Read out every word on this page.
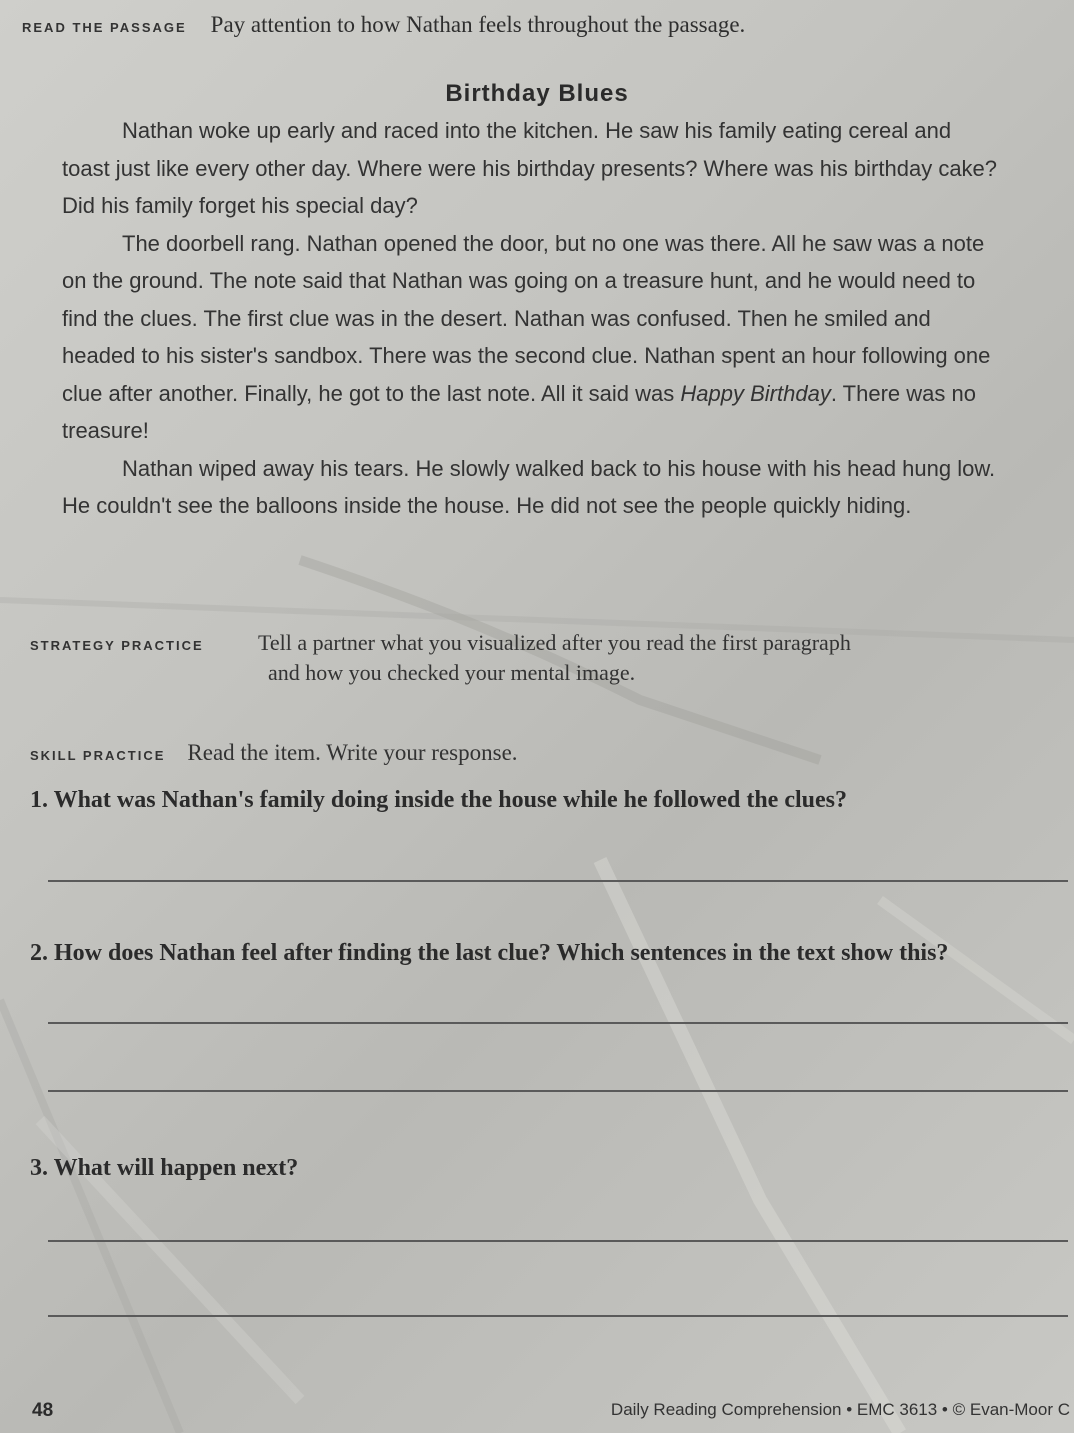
READ THE PASSAGE Pay attention to how Nathan feels throughout the passage.
Birthday Blues

Nathan woke up early and raced into the kitchen. He saw his family eating cereal and toast just like every other day. Where were his birthday presents? Where was his birthday cake? Did his family forget his special day?

The doorbell rang. Nathan opened the door, but no one was there. All he saw was a note on the ground. The note said that Nathan was going on a treasure hunt, and he would need to find the clues. The first clue was in the desert. Nathan was confused. Then he smiled and headed to his sister's sandbox. There was the second clue. Nathan spent an hour following one clue after another. Finally, he got to the last note. All it said was Happy Birthday. There was no treasure!

Nathan wiped away his tears. He slowly walked back to his house with his head hung low. He couldn't see the balloons inside the house. He did not see the people quickly hiding.

STRATEGY PRACTICE Tell a partner what you visualized after you read the first paragraph
and how you checked your mental image.
SKILL PRACTICE Read the item. Write your response.
1. What was Nathan's family doing inside the house while he followed the clues?
2. How does Nathan feel after finding the last clue? Which sentences in the text show this?
3. What will happen next?
48	Daily Reading Comprehension • EMC 3613 • © Evan-Moor C
